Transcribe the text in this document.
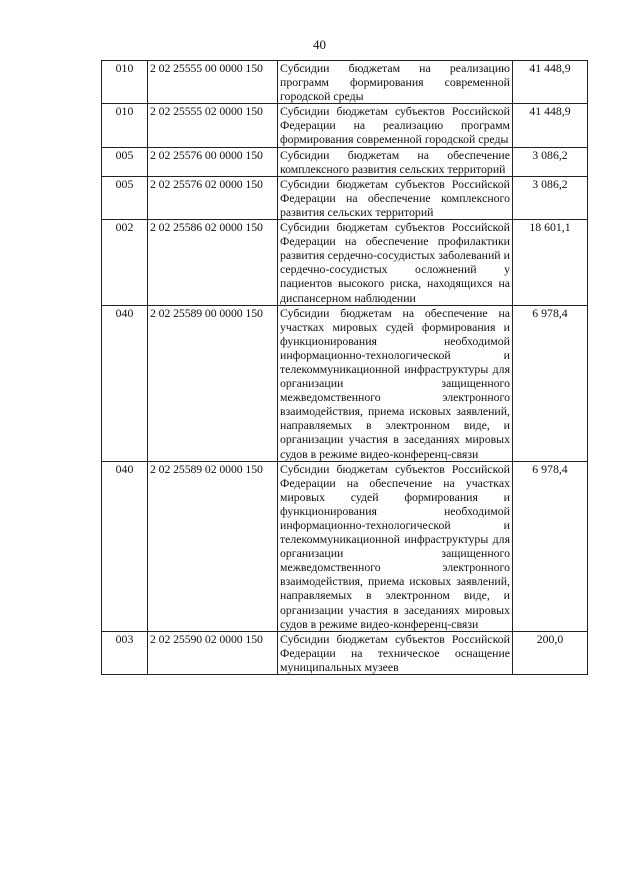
40
010	2 02 25555 00 0000 150	Субсидии бюджетам на реализацию программ формирования современной городской среды	41 448,9
010	2 02 25555 02 0000 150	Субсидии бюджетам субъектов Российской Федерации на реализацию программ формирования современной городской среды	41 448,9
005	2 02 25576 00 0000 150	Субсидии бюджетам на обеспечение комплексного развития сельских территорий	3 086,2
005	2 02 25576 02 0000 150	Субсидии бюджетам субъектов Российской Федерации на обеспечение комплексного развития сельских территорий	3 086,2
002	2 02 25586 02 0000 150	Субсидии бюджетам субъектов Российской Федерации на обеспечение профилактики развития сердечно-сосудистых заболеваний и сердечно-сосудистых осложнений у пациентов высокого риска, находящихся на диспансерном наблюдении	18 601,1
040	2 02 25589 00 0000 150	Субсидии бюджетам на обеспечение на участках мировых судей формирования и функционирования необходимой информационно-технологической и телекоммуникационной инфраструктуры для организации защищенного межведомственного электронного взаимодействия, приема исковых заявлений, направляемых в электронном виде, и организации участия в заседаниях мировых судов в режиме видео-конференц-связи	6 978,4
040	2 02 25589 02 0000 150	Субсидии бюджетам субъектов Российской Федерации на обеспечение на участках мировых судей формирования и функционирования необходимой информационно-технологической и телекоммуникационной инфраструктуры для организации защищенного межведомственного электронного взаимодействия, приема исковых заявлений, направляемых в электронном виде, и организации участия в заседаниях мировых судов в режиме видео-конференц-связи	6 978,4
003	2 02 25590 02 0000 150	Субсидии бюджетам субъектов Российской Федерации на техническое оснащение муниципальных музеев	200,0
